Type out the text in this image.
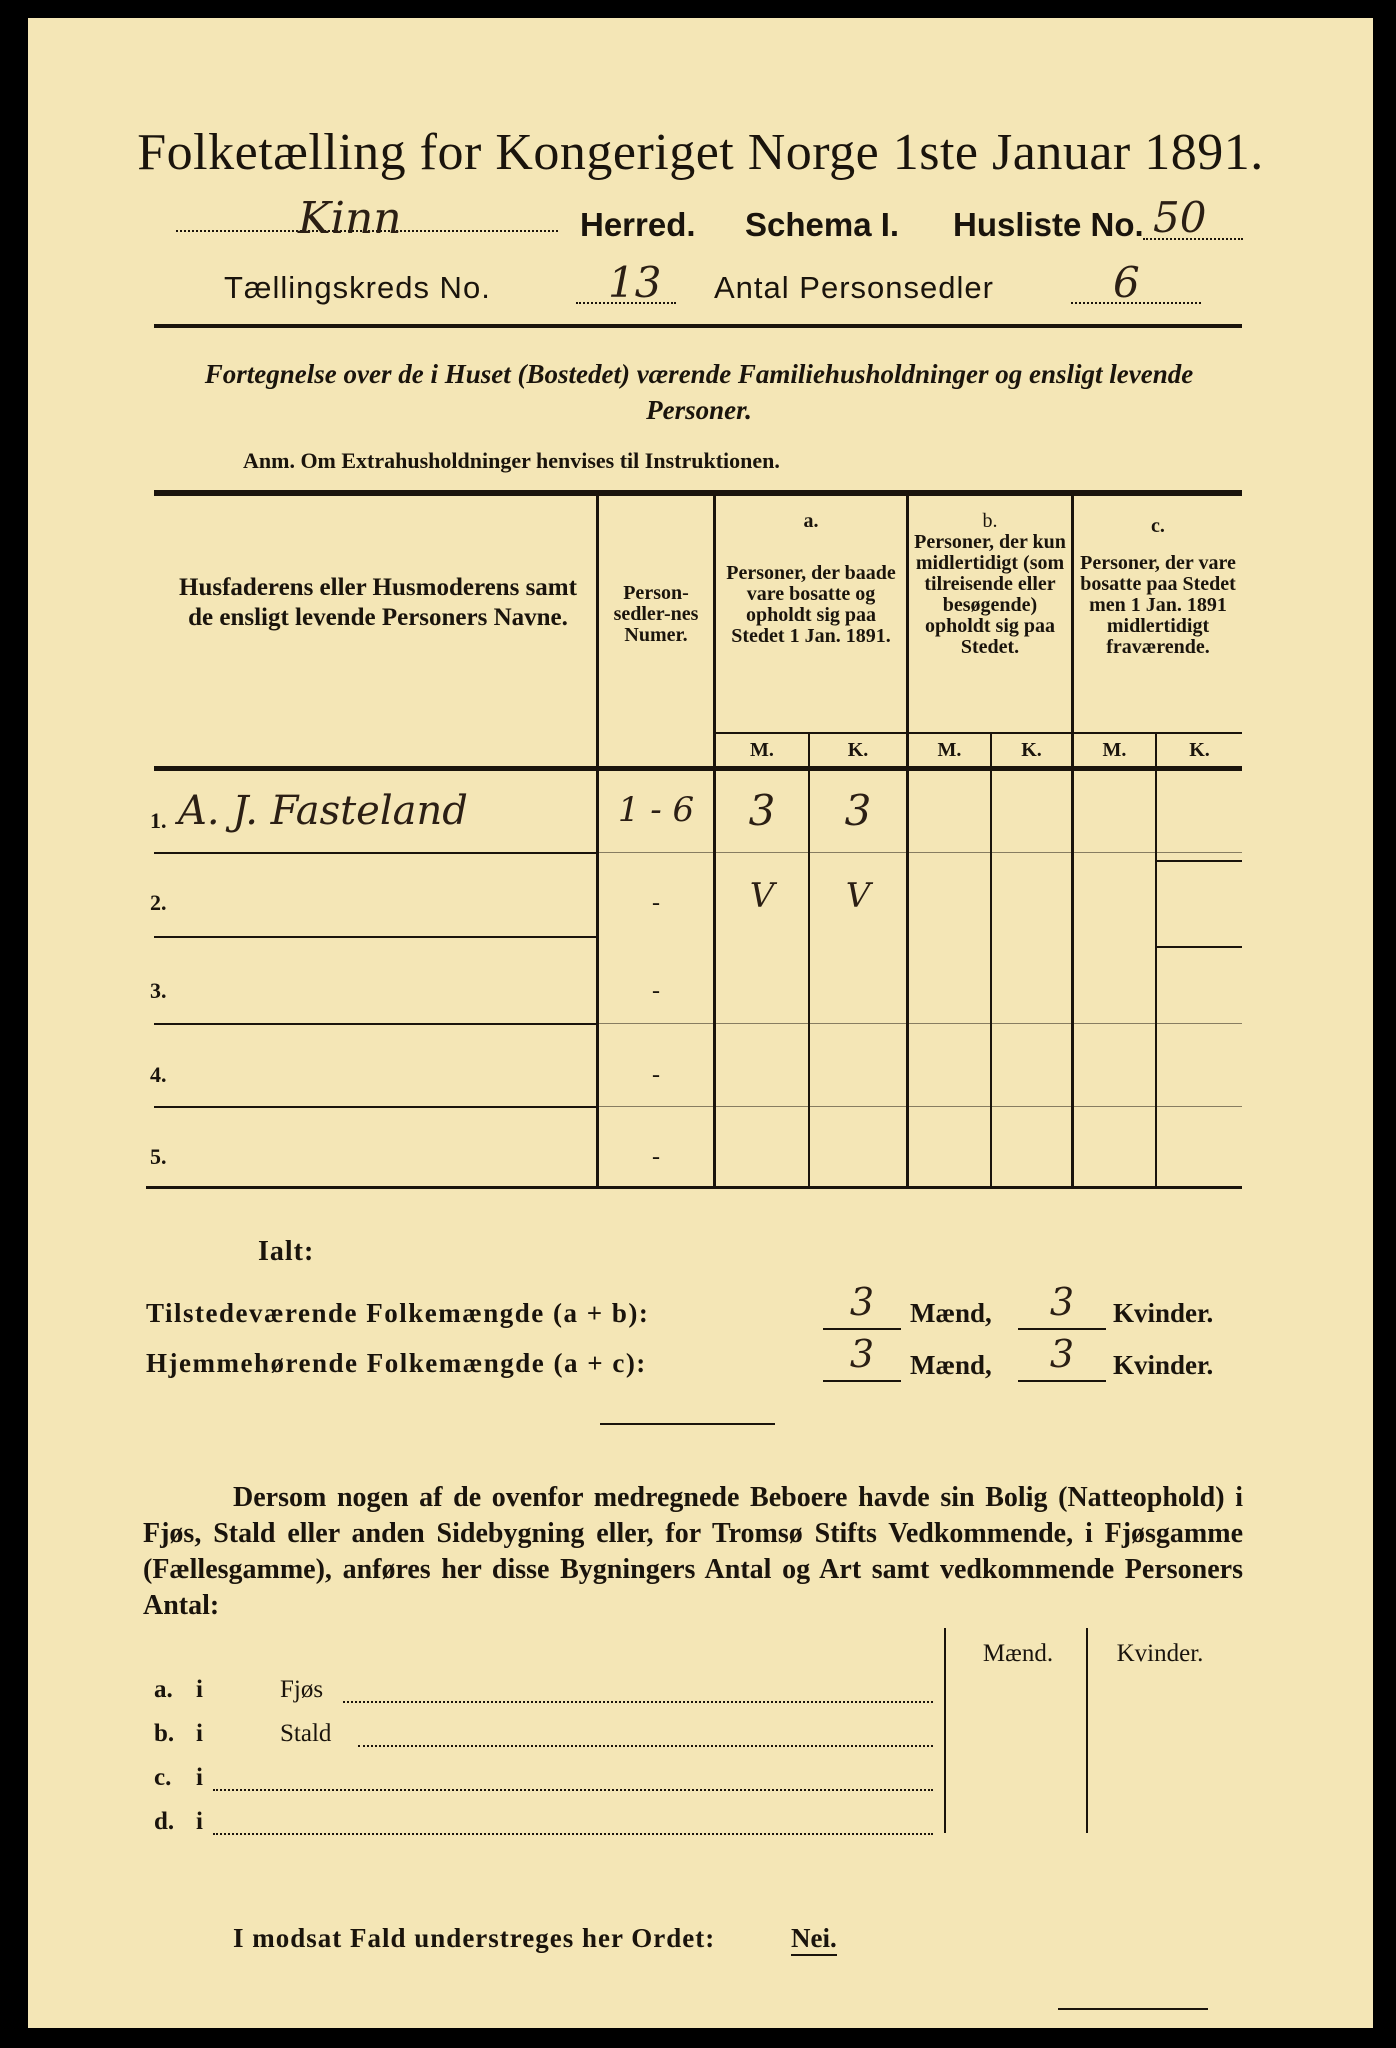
Folketælling for Kongeriget Norge 1ste Januar 1891.
Kinn	Herred. Schema I. Husliste No. 50
Tællingskreds No.	13 Antal Personsedler	6
Fortegnelse over de i Huset (Bostedet) værende Familiehusholdninger og ensligt levende Personer.
Anm. Om Extrahusholdninger henvises til Instruktionen.
Husfaderens eller Husmoderens samt de ensligt levende Personers Navne.
Person-sedler-nes Numer.
a.
Personer, der baade vare bosatte og opholdt sig paa Stedet 1 Jan. 1891.
b.
Personer, der kun midlertidigt (som tilreisende eller besøgende) opholdt sig paa Stedet.
c.
Personer, der vare bosatte paa Stedet men 1 Jan. 1891 midlertidigt fraværende.
M.	K.	M.	K.	M.	K.
1. A. J. Fasteland	1 - 6	3	3
2.	-	V	V
3.	-
4.	-
5.	-
Ialt:
Tilstedeværende Folkemængde (a + b):	3	Mænd,	3	Kvinder.
Hjemmehørende Folkemængde (a + c):	3	Mænd,	3	Kvinder.
Dersom nogen af de ovenfor medregnede Beboere havde sin Bolig (Natteophold) i Fjøs, Stald eller anden Sidebygning eller, for Tromsø Stifts Vedkommende, i Fjøsgamme (Fællesgamme), anføres her disse Bygningers Antal og Art samt vedkommende Personers Antal:
Mænd.	Kvinder.
a. i	Fjøs
b. i	Stald
c. i
d. i
I modsat Fald understreges her Ordet:	Nei.
